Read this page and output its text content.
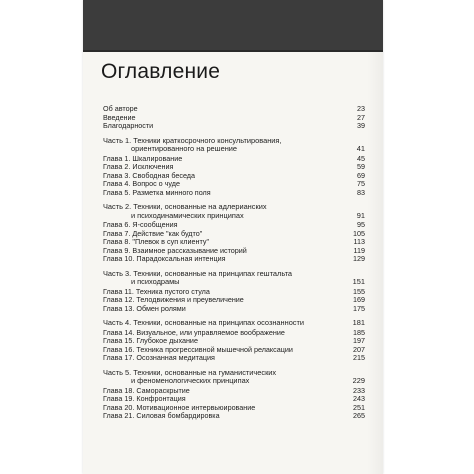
Оглавление
Об авторе	23
Введение	27
Благодарности	39
Часть 1. Техники краткосрочного консультирования,
ориентированного на решение	41
Глава 1. Шкалирование	45
Глава 2. Исключения	59
Глава 3. Свободная беседа	69
Глава 4. Вопрос о чуде	75
Глава 5. Разметка минного поля	83
Часть 2. Техники, основанные на адлерианских
и психодинамических принципах	91
Глава 6. Я-сообщения	95
Глава 7. Действие "как будто"	105
Глава 8. "Плевок в суп клиенту"	113
Глава 9. Взаимное рассказывание историй	119
Глава 10. Парадоксальная интенция	129
Часть 3. Техники, основанные на принципах гештальта
и психодрамы	151
Глава 11. Техника пустого стула	155
Глава 12. Телодвижения и преувеличение	169
Глава 13. Обмен ролями	175
Часть 4. Техники, основанные на принципах осознанности	181
Глава 14. Визуальное, или управляемое воображение	185
Глава 15. Глубокое дыхание	197
Глава 16. Техника прогрессивной мышечной релаксации	207
Глава 17. Осознанная медитация	215
Часть 5. Техники, основанные на гуманистических
и феноменологических принципах	229
Глава 18. Самораскрытие	233
Глава 19. Конфронтация	243
Глава 20. Мотивационное интервьюирование	251
Глава 21. Силовая бомбардировка	265
